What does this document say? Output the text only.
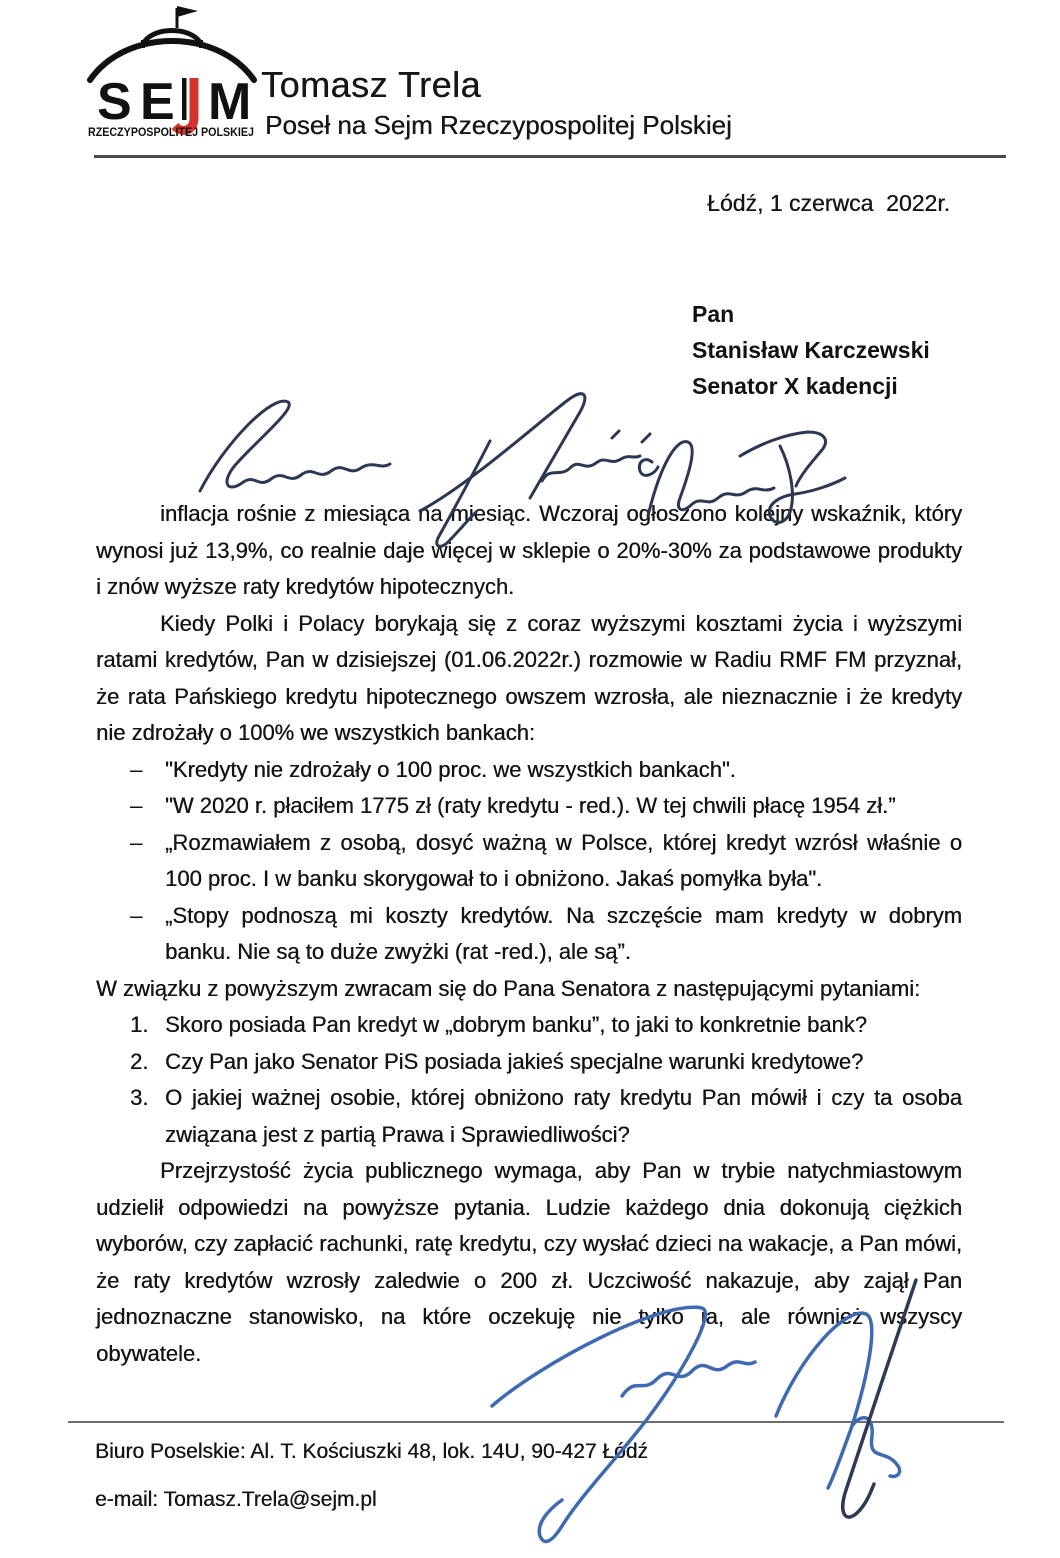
S E M
RZECZYPOSPOLITEJ POLSKIEJ
Tomasz Trela
Poseł na Sejm Rzeczypospolitej Polskiej
Łódź, 1 czerwca  2022r.
Pan
Stanisław Karczewski
Senator X kadencji

inflacja rośnie z miesiąca na miesiąc. Wczoraj ogłoszono kolejny wskaźnik, który wynosi już 13,9%, co realnie daje więcej w sklepie o 20%-30% za podstawowe produkty i znów wyższe raty kredytów hipotecznych.

Kiedy Polki i Polacy borykają się z coraz wyższymi kosztami życia i wyższymi ratami kredytów, Pan w dzisiejszej (01.06.2022r.) rozmowie w Radiu RMF FM przyznał, że rata Pańskiego kredytu hipotecznego owszem wzrosła, ale nieznacznie i że kredyty nie zdrożały o 100% we wszystkich bankach:

– "Kredyty nie zdrożały o 100 proc. we wszystkich bankach".
– "W 2020 r. płaciłem 1775 zł (raty kredytu - red.). W tej chwili płacę 1954 zł.”
– „Rozmawiałem z osobą, dosyć ważną w Polsce, której kredyt wzrósł właśnie o 100 proc. I w banku skorygował to i obniżono. Jakaś pomyłka była".
– „Stopy podnoszą mi koszty kredytów. Na szczęście mam kredyty w dobrym banku. Nie są to duże zwyżki (rat -red.), ale są”.

W związku z powyższym zwracam się do Pana Senatora z następującymi pytaniami:

1. Skoro posiada Pan kredyt w „dobrym banku”, to jaki to konkretnie bank?
2. Czy Pan jako Senator PiS posiada jakieś specjalne warunki kredytowe?
3. O jakiej ważnej osobie, której obniżono raty kredytu Pan mówił i czy ta osoba związana jest z partią Prawa i Sprawiedliwości?

Przejrzystość życia publicznego wymaga, aby Pan w trybie natychmiastowym udzielił odpowiedzi na powyższe pytania. Ludzie każdego dnia dokonują ciężkich wyborów, czy zapłacić rachunki, ratę kredytu, czy wysłać dzieci na wakacje, a Pan mówi, że raty kredytów wzrosły zaledwie o 200 zł. Uczciwość nakazuje, aby zajął Pan jednoznaczne stanowisko, na które oczekuję nie tylko ja, ale również wszyscy obywatele.

Biuro Poselskie: Al. T. Kościuszki 48, lok. 14U, 90-427 Łódź
e-mail: Tomasz.Trela@sejm.pl
